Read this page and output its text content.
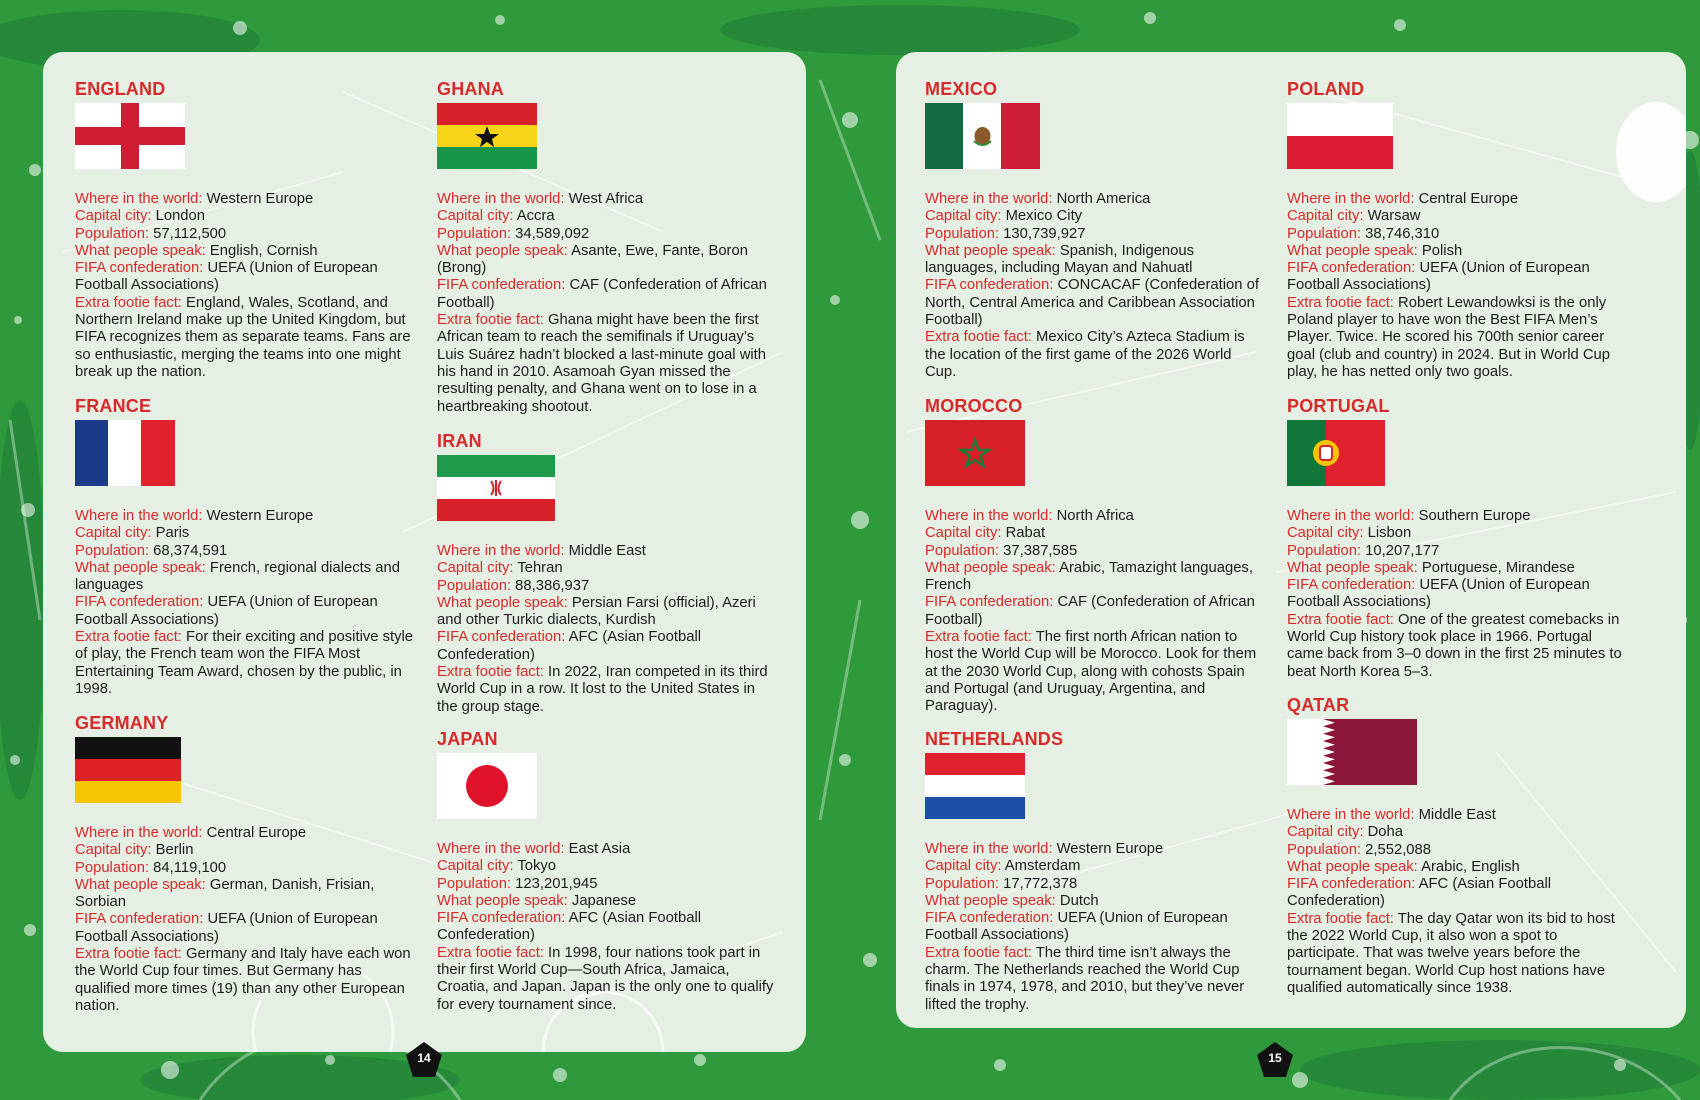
ENGLAND
Where in the world: Western Europe
Capital city: London
Population: 57,112,500
What people speak: English, Cornish
FIFA confederation: UEFA (Union of European Football Associations)
Extra footie fact: England, Wales, Scotland, and Northern Ireland make up the United Kingdom, but FIFA recognizes them as separate teams. Fans are so enthusiastic, merging the teams into one might break up the nation.
FRANCE
Where in the world: Western Europe
Capital city: Paris
Population: 68,374,591
What people speak: French, regional dialects and languages
FIFA confederation: UEFA (Union of European Football Associations)
Extra footie fact: For their exciting and positive style of play, the French team won the FIFA Most Entertaining Team Award, chosen by the public, in 1998.
GERMANY
Where in the world: Central Europe
Capital city: Berlin
Population: 84,119,100
What people speak: German, Danish, Frisian, Sorbian
FIFA confederation: UEFA (Union of European Football Associations)
Extra footie fact: Germany and Italy have each won the World Cup four times. But Germany has qualified more times (19) than any other European nation.
GHANA
Where in the world: West Africa
Capital city: Accra
Population: 34,589,092
What people speak: Asante, Ewe, Fante, Boron (Brong)
FIFA confederation: CAF (Confederation of African Football)
Extra footie fact: Ghana might have been the first African team to reach the semifinals if Uruguay’s Luis Suárez hadn’t blocked a last-minute goal with his hand in 2010. Asamoah Gyan missed the resulting penalty, and Ghana went on to lose in a heartbreaking shootout.
IRAN
Where in the world: Middle East
Capital city: Tehran
Population: 88,386,937
What people speak: Persian Farsi (official), Azeri and other Turkic dialects, Kurdish
FIFA confederation: AFC (Asian Football Confederation)
Extra footie fact: In 2022, Iran competed in its third World Cup in a row. It lost to the United States in the group stage.
JAPAN
Where in the world: East Asia
Capital city: Tokyo
Population: 123,201,945
What people speak: Japanese
FIFA confederation: AFC (Asian Football Confederation)
Extra footie fact: In 1998, four nations took part in their first World Cup—South Africa, Jamaica, Croatia, and Japan. Japan is the only one to qualify for every tournament since.
MEXICO
Where in the world: North America
Capital city: Mexico City
Population: 130,739,927
What people speak: Spanish, Indigenous languages, including Mayan and Nahuatl
FIFA confederation: CONCACAF (Confederation of North, Central America and Caribbean Association Football)
Extra footie fact: Mexico City’s Azteca Stadium is the location of the first game of the 2026 World Cup.
MOROCCO
Where in the world: North Africa
Capital city: Rabat
Population: 37,387,585
What people speak: Arabic, Tamazight languages, French
FIFA confederation: CAF (Confederation of African Football)
Extra footie fact: The first north African nation to host the World Cup will be Morocco. Look for them at the 2030 World Cup, along with cohosts Spain and Portugal (and Uruguay, Argentina, and Paraguay).
NETHERLANDS
Where in the world: Western Europe
Capital city: Amsterdam
Population: 17,772,378
What people speak: Dutch
FIFA confederation: UEFA (Union of European Football Associations)
Extra footie fact: The third time isn’t always the charm. The Netherlands reached the World Cup finals in 1974, 1978, and 2010, but they’ve never lifted the trophy.
POLAND
Where in the world: Central Europe
Capital city: Warsaw
Population: 38,746,310
What people speak: Polish
FIFA confederation: UEFA (Union of European Football Associations)
Extra footie fact: Robert Lewandowksi is the only Poland player to have won the Best FIFA Men’s Player. Twice. He scored his 700th senior career goal (club and country) in 2024. But in World Cup play, he has netted only two goals.
PORTUGAL
Where in the world: Southern Europe
Capital city: Lisbon
Population: 10,207,177
What people speak: Portuguese, Mirandese
FIFA confederation: UEFA (Union of European Football Associations)
Extra footie fact: One of the greatest comebacks in World Cup history took place in 1966. Portugal came back from 3–0 down in the first 25 minutes to beat North Korea 5–3.
QATAR
Where in the world: Middle East
Capital city: Doha
Population: 2,552,088
What people speak: Arabic, English
FIFA confederation: AFC (Asian Football Confederation)
Extra footie fact: The day Qatar won its bid to host the 2022 World Cup, it also won a spot to participate. That was twelve years before the tournament began. World Cup host nations have qualified automatically since 1938.
14	15
